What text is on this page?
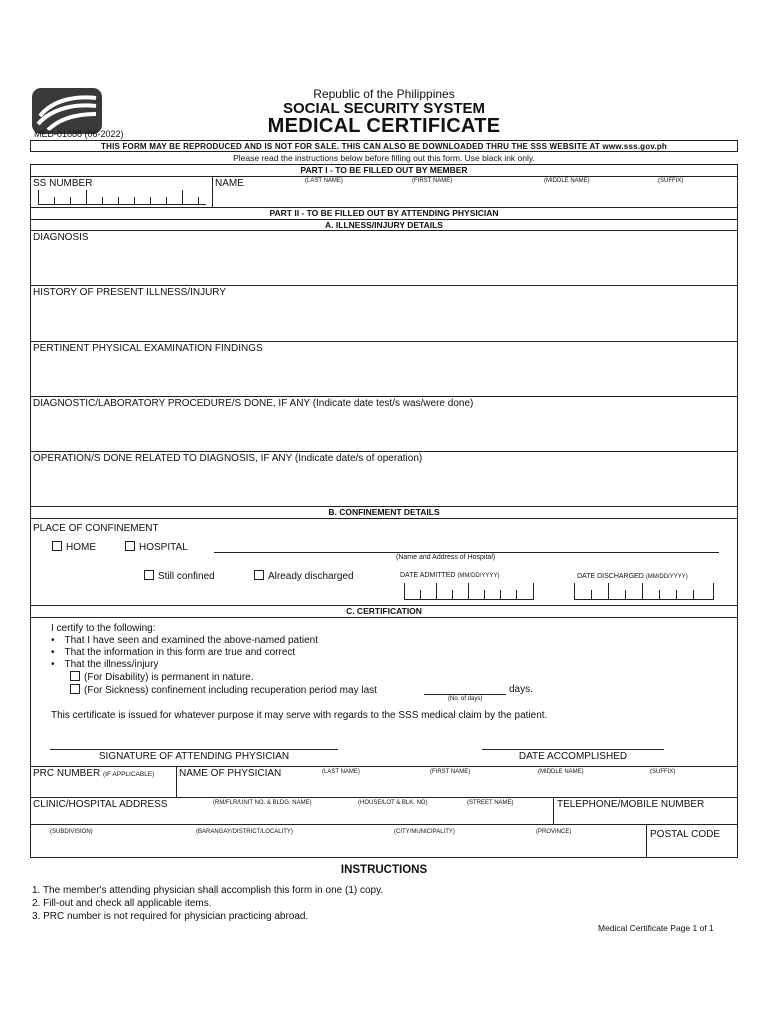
Republic of the Philippines
SOCIAL SECURITY SYSTEM
MEDICAL CERTIFICATE
MED-01688 (06-2022)
THIS FORM MAY BE REPRODUCED AND IS NOT FOR SALE. THIS CAN ALSO BE DOWNLOADED THRU THE SSS WEBSITE AT www.sss.gov.ph
Please read the instructions below before filling out this form. Use black ink only.
PART I - TO BE FILLED OUT BY MEMBER
SS NUMBER	NAME	(LAST NAME)	(FIRST NAME)	(MIDDLE NAME)	(SUFFIX)
PART II - TO BE FILLED OUT BY ATTENDING PHYSICIAN
A. ILLNESS/INJURY DETAILS
DIAGNOSIS
HISTORY OF PRESENT ILLNESS/INJURY
PERTINENT PHYSICAL EXAMINATION FINDINGS
DIAGNOSTIC/LABORATORY PROCEDURE/S DONE, IF ANY (Indicate date test/s was/were done)
OPERATION/S DONE RELATED TO DIAGNOSIS, IF ANY (Indicate date/s of operation)
B. CONFINEMENT DETAILS
PLACE OF CONFINEMENT
HOME	HOSPITAL
(Name and Address of Hospital)
Still confined	Already discharged	DATE ADMITTED (MM/DD/YYYY)	DATE DISCHARGED (MM/DD/YYYY)
C. CERTIFICATION
I certify to the following:
• That I have seen and examined the above-named patient
• That the information in this form are true and correct
• That the illness/injury
(For Disability) is permanent in nature.
(For Sickness) confinement including recuperation period may last	days.
(No. of days)
This certificate is issued for whatever purpose it may serve with regards to the SSS medical claim by the patient.
SIGNATURE OF ATTENDING PHYSICIAN	DATE ACCOMPLISHED
PRC NUMBER (IF APPLICABLE) NAME OF PHYSICIAN	(LAST NAME)	(FIRST NAME)	(MIDDLE NAME)	(SUFFIX)
CLINIC/HOSPITAL ADDRESS	(RM/FLR/UNIT NO. & BLDG. NAME)	(HOUSE/LOT & BLK. NO)	(STREET NAME)	TELEPHONE/MOBILE NUMBER
(SUBDIVISION)	(BARANGAY/DISTRICT/LOCALITY)	(CITY/MUNICIPALITY)	(PROVINCE)	POSTAL CODE
INSTRUCTIONS
1. The member's attending physician shall accomplish this form in one (1) copy.
2. Fill-out and check all applicable items.
3. PRC number is not required for physician practicing abroad.
Medical Certificate Page 1 of 1
